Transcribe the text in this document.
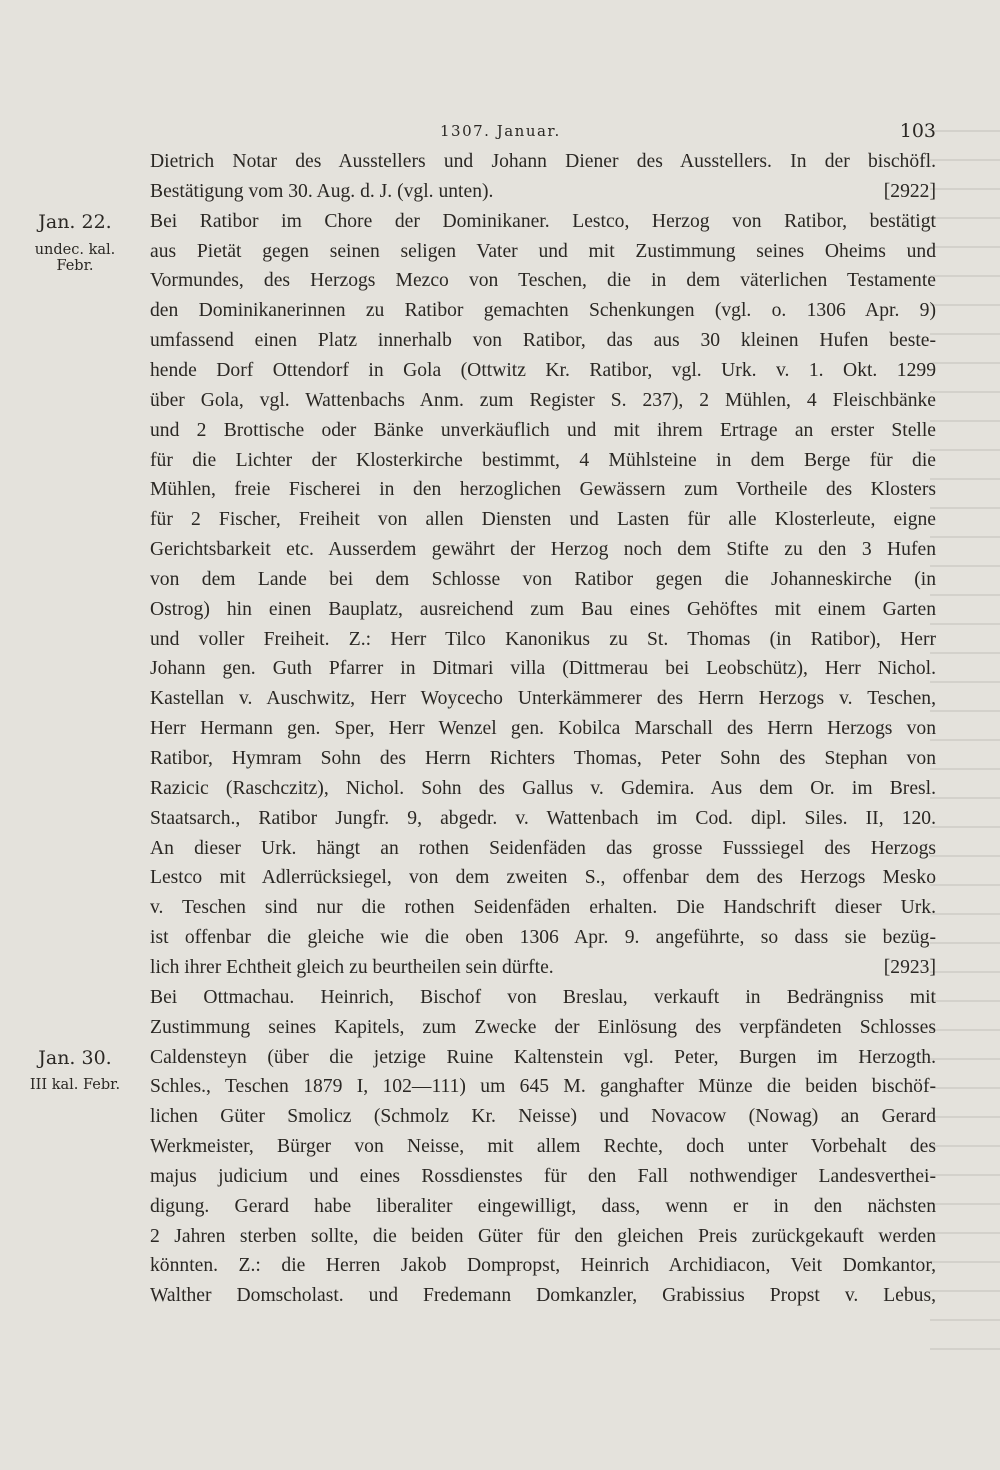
1307. Januar.	103
Jan. 22.
undec. kal.
Febr.
Jan. 30.
III kal. Febr.
Dietrich Notar des Ausstellers und Johann Diener des Ausstellers. In der bischöfl.
Bestätigung vom 30. Aug. d. J. (vgl. unten).	[2922]
Bei Ratibor im Chore der Dominikaner. Lestco, Herzog von Ratibor, bestätigt
aus Pietät gegen seinen seligen Vater und mit Zustimmung seines Oheims und
Vormundes, des Herzogs Mezco von Teschen, die in dem väterlichen Testamente
den Dominikanerinnen zu Ratibor gemachten Schenkungen (vgl. o. 1306 Apr. 9)
umfassend einen Platz innerhalb von Ratibor, das aus 30 kleinen Hufen beste-
hende Dorf Ottendorf in Gola (Ottwitz Kr. Ratibor, vgl. Urk. v. 1. Okt. 1299
über Gola, vgl. Wattenbachs Anm. zum Register S. 237), 2 Mühlen, 4 Fleischbänke
und 2 Brottische oder Bänke unverkäuflich und mit ihrem Ertrage an erster Stelle
für die Lichter der Klosterkirche bestimmt, 4 Mühlsteine in dem Berge für die
Mühlen, freie Fischerei in den herzoglichen Gewässern zum Vortheile des Klosters
für 2 Fischer, Freiheit von allen Diensten und Lasten für alle Klosterleute, eigne
Gerichtsbarkeit etc. Ausserdem gewährt der Herzog noch dem Stifte zu den 3 Hufen
von dem Lande bei dem Schlosse von Ratibor gegen die Johanneskirche (in
Ostrog) hin einen Bauplatz, ausreichend zum Bau eines Gehöftes mit einem Garten
und voller Freiheit. Z.: Herr Tilco Kanonikus zu St. Thomas (in Ratibor), Herr
Johann gen. Guth Pfarrer in Ditmari villa (Dittmerau bei Leobschütz), Herr Nichol.
Kastellan v. Auschwitz, Herr Woycecho Unterkämmerer des Herrn Herzogs v. Teschen,
Herr Hermann gen. Sper, Herr Wenzel gen. Kobilca Marschall des Herrn Herzogs von
Ratibor, Hymram Sohn des Herrn Richters Thomas, Peter Sohn des Stephan von
Razicic (Raschczitz), Nichol. Sohn des Gallus v. Gdemira. Aus dem Or. im Bresl.
Staatsarch., Ratibor Jungfr. 9, abgedr. v. Wattenbach im Cod. dipl. Siles. II, 120.
An dieser Urk. hängt an rothen Seidenfäden das grosse Fusssiegel des Herzogs
Lestco mit Adlerrücksiegel, von dem zweiten S., offenbar dem des Herzogs Mesko
v. Teschen sind nur die rothen Seidenfäden erhalten. Die Handschrift dieser Urk.
ist offenbar die gleiche wie die oben 1306 Apr. 9. angeführte, so dass sie bezüg-
lich ihrer Echtheit gleich zu beurtheilen sein dürfte.	[2923]
Bei Ottmachau. Heinrich, Bischof von Breslau, verkauft in Bedrängniss mit
Zustimmung seines Kapitels, zum Zwecke der Einlösung des verpfändeten Schlosses
Caldensteyn (über die jetzige Ruine Kaltenstein vgl. Peter, Burgen im Herzogth.
Schles., Teschen 1879 I, 102—111) um 645 M. ganghafter Münze die beiden bischöf-
lichen Güter Smolicz (Schmolz Kr. Neisse) und Novacow (Nowag) an Gerard
Werkmeister, Bürger von Neisse, mit allem Rechte, doch unter Vorbehalt des
majus judicium und eines Rossdienstes für den Fall nothwendiger Landesverthei-
digung. Gerard habe liberaliter eingewilligt, dass, wenn er in den nächsten
2 Jahren sterben sollte, die beiden Güter für den gleichen Preis zurückgekauft werden
könnten. Z.: die Herren Jakob Dompropst, Heinrich Archidiacon, Veit Domkantor,
Walther Domscholast. und Fredemann Domkanzler, Grabissius Propst v. Lebus,
